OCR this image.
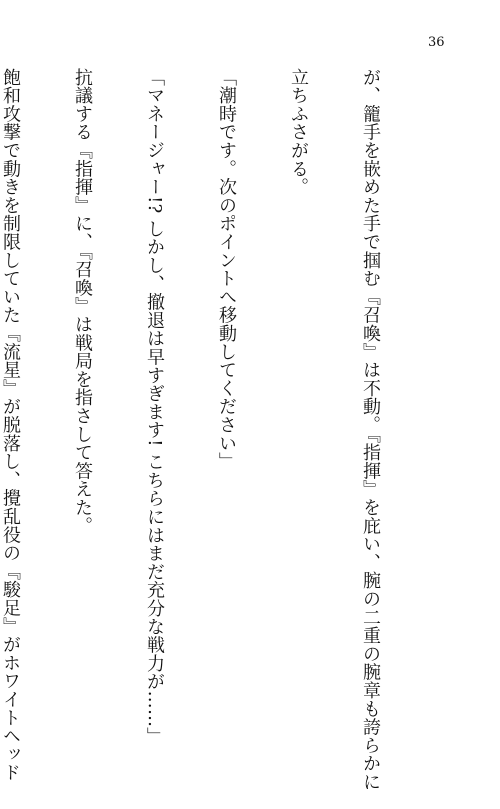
36

が、籠手を嵌めた手で掴む『召喚』は不動。『指揮』を庇い、腕の二重の腕章も誇らかに

立ちふさがる。

「潮時です。次のポイントへ移動してください」

「マネージャー!? しかし、撤退は早すぎます! こちらにはまだ充分な戦力が……」

抗議する『指揮』に、『召喚』は戦局を指さして答えた。

飽和攻撃で動きを制限していた『流星』が脱落し、攪乱役の『駿足』がホワイトヘッド
